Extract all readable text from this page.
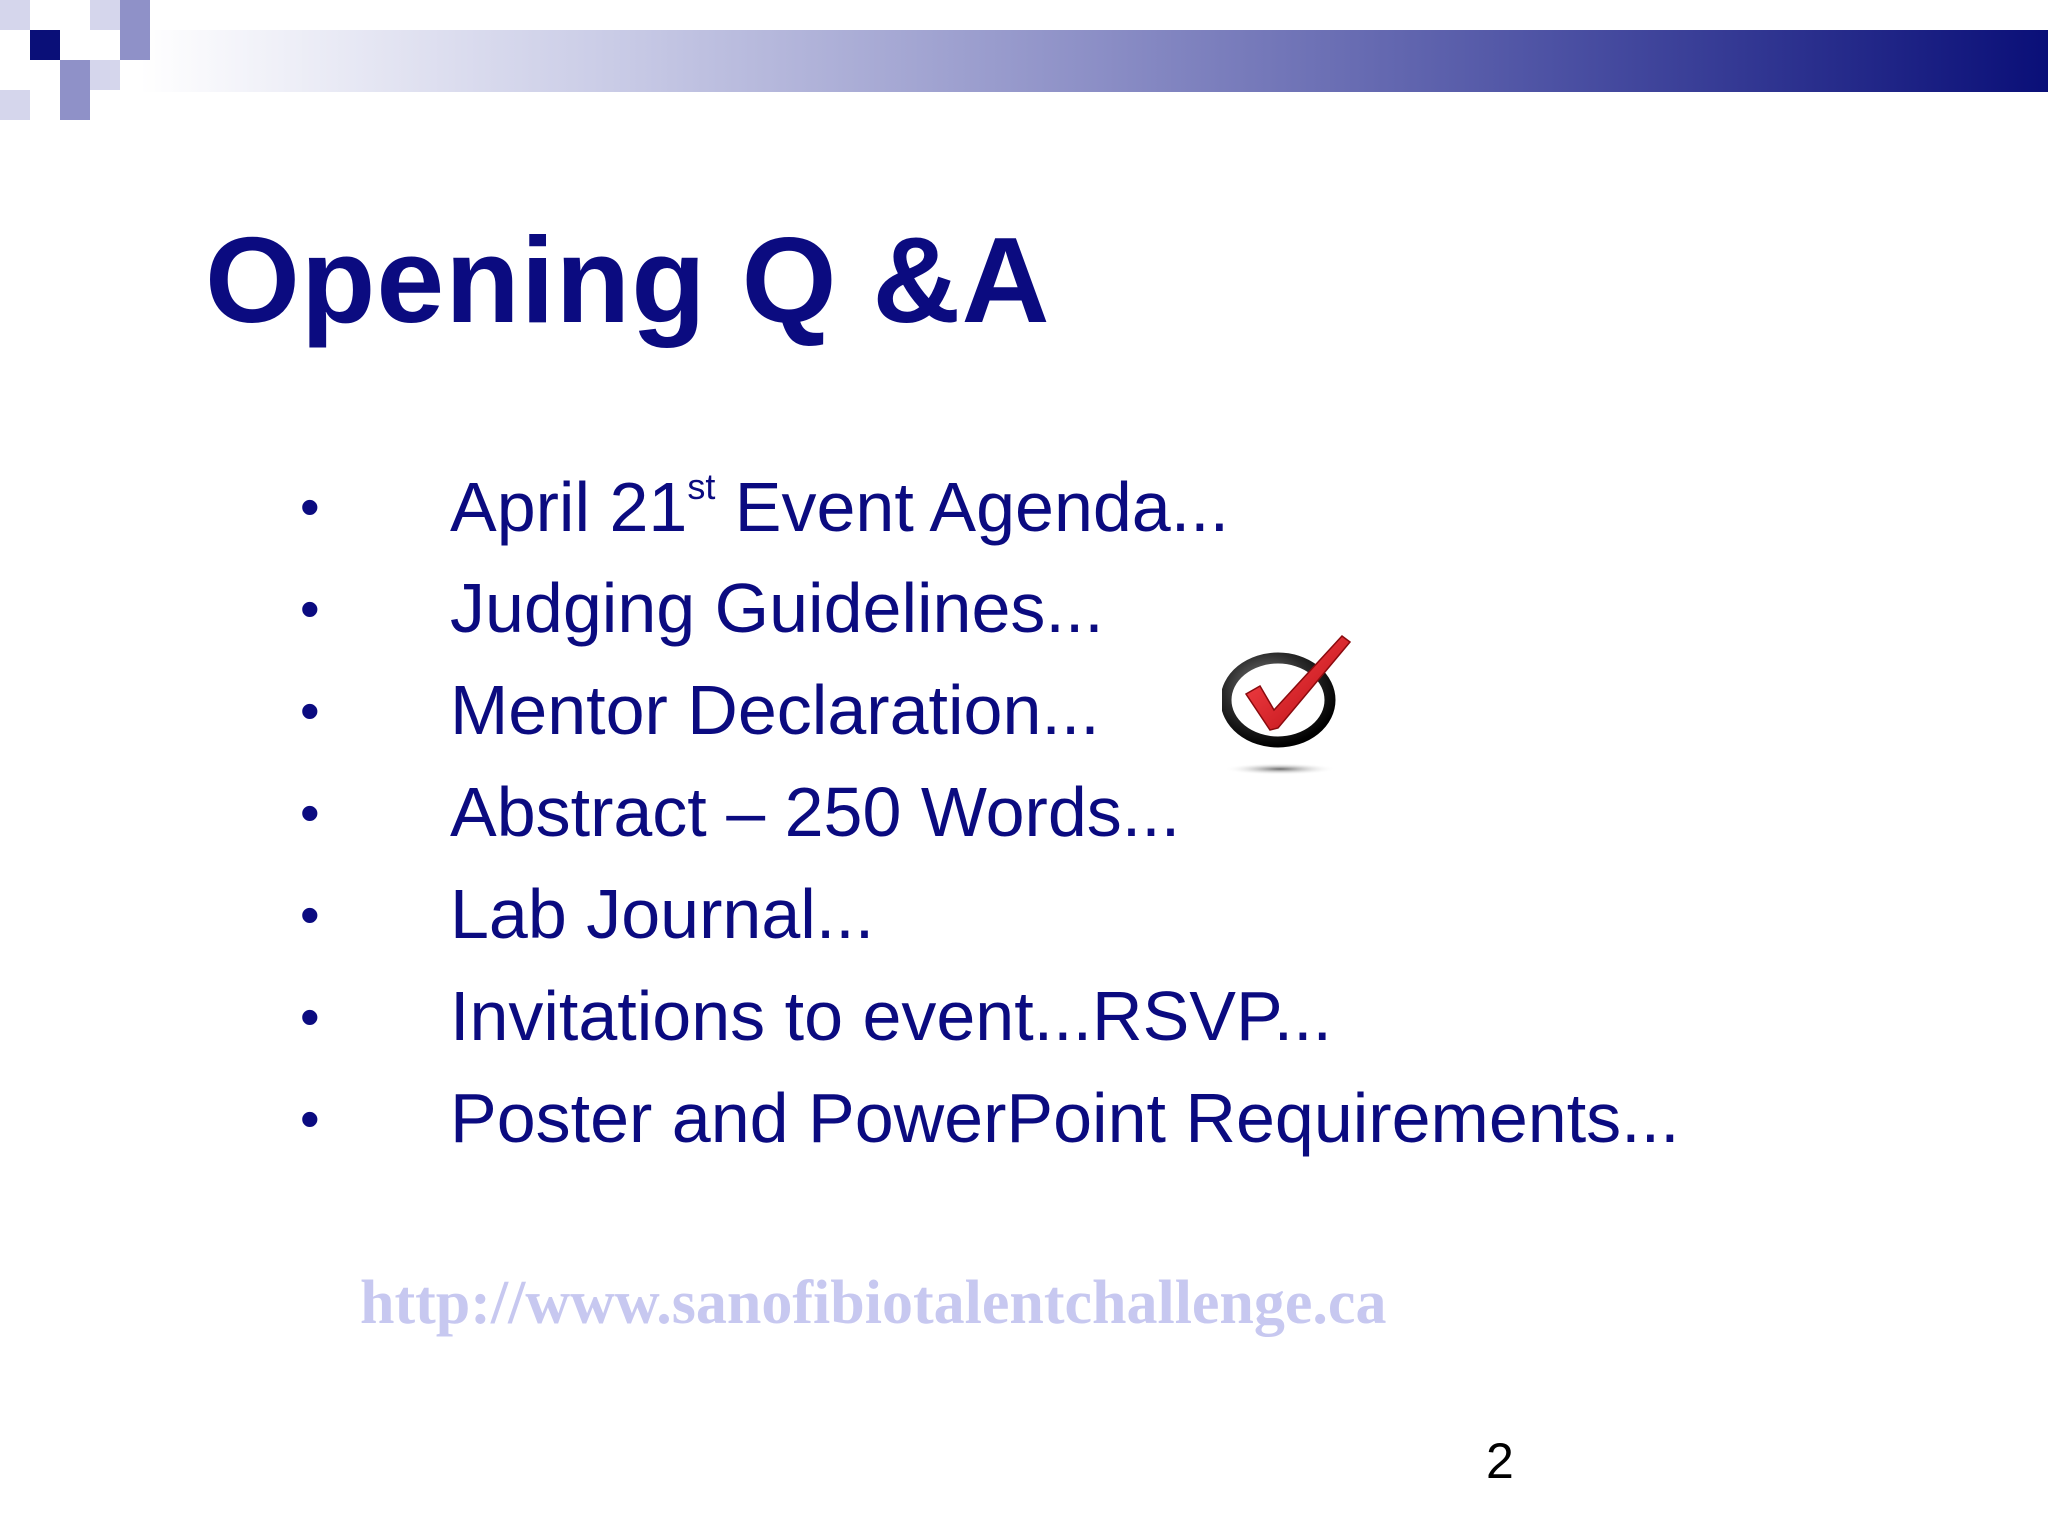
Opening Q &A
•	April 21st Event Agenda...
•	Judging Guidelines...
•	Mentor Declaration...
•	Abstract – 250 Words...
•	Lab Journal...
•	Invitations to event...RSVP...
•	Poster and PowerPoint Requirements...
http://www.sanofibiotalentchallenge.ca
2
